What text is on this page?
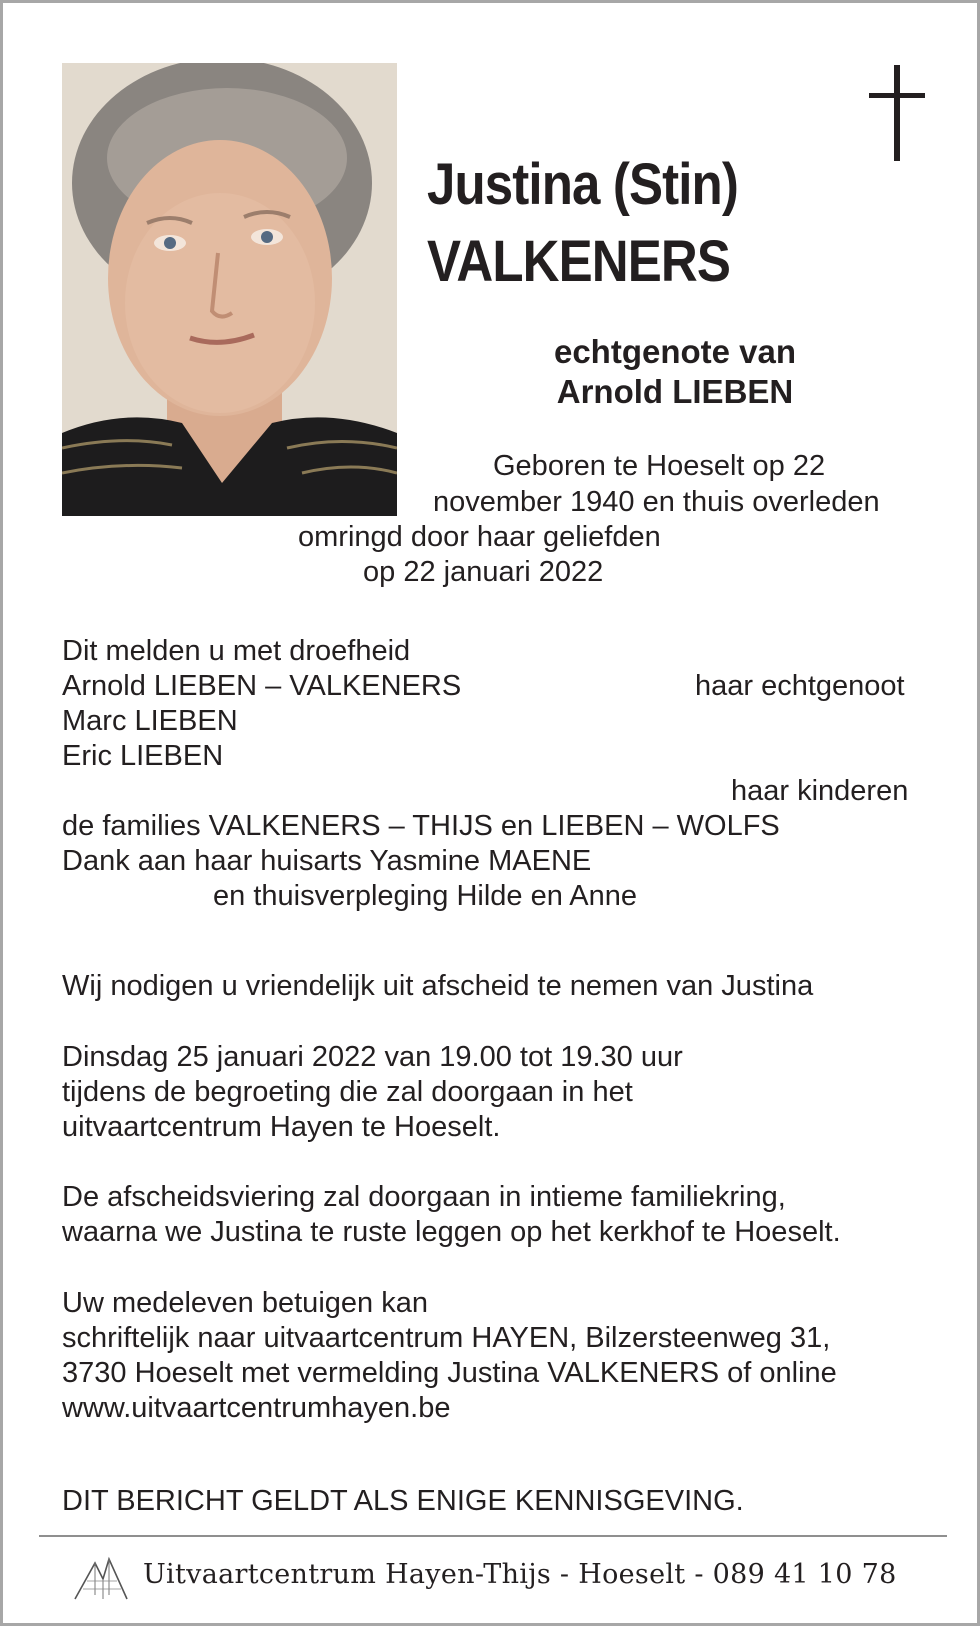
Justina (Stin)
VALKENERS
echtgenote van
Arnold LIEBEN
Geboren te Hoeselt op 22
november 1940 en thuis overleden
omringd door haar geliefden
op 22 januari 2022
Dit melden u met droefheid
Arnold LIEBEN – VALKENERS	haar echtgenoot
Marc LIEBEN
Eric LIEBEN
haar kinderen
de families VALKENERS – THIJS en LIEBEN – WOLFS
Dank aan haar huisarts Yasmine MAENE
en thuisverpleging Hilde en Anne
Wij nodigen u vriendelijk uit afscheid te nemen van Justina
Dinsdag 25 januari 2022 van 19.00 tot 19.30 uur
tijdens de begroeting die zal doorgaan in het
uitvaartcentrum Hayen te Hoeselt.
De afscheidsviering zal doorgaan in intieme familiekring,
waarna we Justina te ruste leggen op het kerkhof te Hoeselt.
Uw medeleven betuigen kan
schriftelijk naar uitvaartcentrum HAYEN, Bilzersteenweg 31,
3730 Hoeselt met vermelding Justina VALKENERS of online
www.uitvaartcentrumhayen.be
DIT BERICHT GELDT ALS ENIGE KENNISGEVING.
Uitvaartcentrum Hayen-Thijs - Hoeselt - 089 41 10 78
